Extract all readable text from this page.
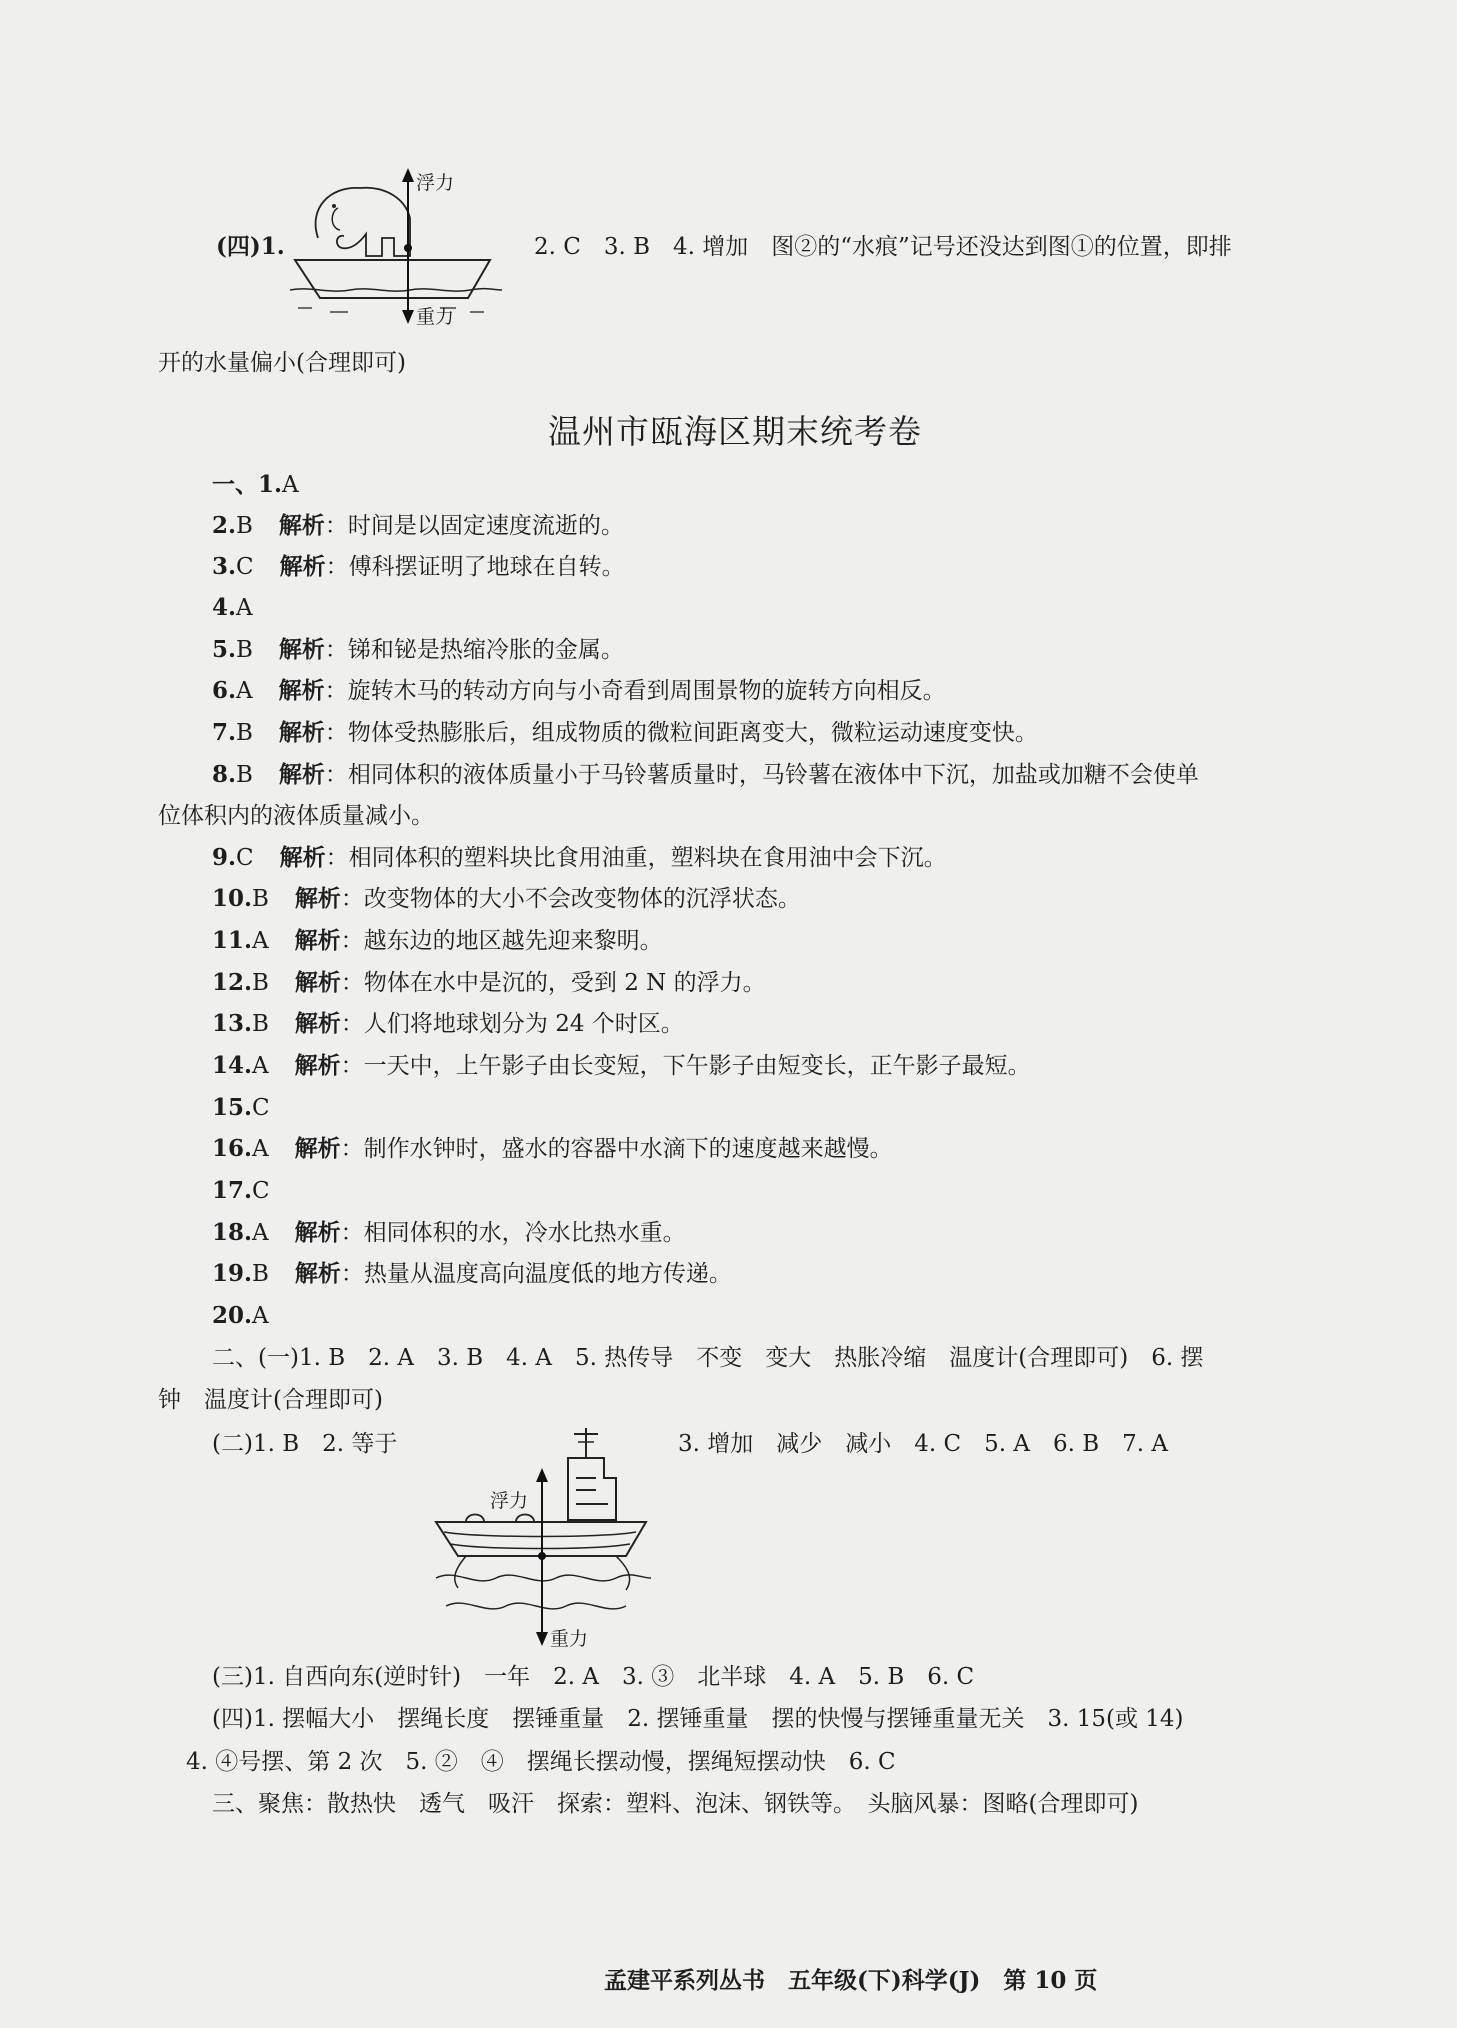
(四)1.
浮力
重力
2. C　3. B　4. 增加　图②的“水痕”记号还没达到图①的位置，即排
开的水量偏小(合理即可)
温州市瓯海区期末统考卷
一、1.A
2.B 解析：时间是以固定速度流逝的。
3.C 解析：傅科摆证明了地球在自转。
4.A
5.B 解析：锑和铋是热缩冷胀的金属。
6.A 解析：旋转木马的转动方向与小奇看到周围景物的旋转方向相反。
7.B 解析：物体受热膨胀后，组成物质的微粒间距离变大，微粒运动速度变快。
8.B 解析：相同体积的液体质量小于马铃薯质量时，马铃薯在液体中下沉，加盐或加糖不会使单
位体积内的液体质量减小。
9.C 解析：相同体积的塑料块比食用油重，塑料块在食用油中会下沉。
10.B 解析：改变物体的大小不会改变物体的沉浮状态。
11.A 解析：越东边的地区越先迎来黎明。
12.B 解析：物体在水中是沉的，受到 2 N 的浮力。
13.B 解析：人们将地球划分为 24 个时区。
14.A 解析：一天中，上午影子由长变短，下午影子由短变长，正午影子最短。
15.C
16.A 解析：制作水钟时，盛水的容器中水滴下的速度越来越慢。
17.C
18.A 解析：相同体积的水，冷水比热水重。
19.B 解析：热量从温度高向温度低的地方传递。
20.A
二、(一)1. B　2. A　3. B　4. A　5. 热传导　不变　变大　热胀冷缩　温度计(合理即可)　6. 摆
钟　温度计(合理即可)
(二)1. B　2. 等于	3. 增加　减少　减小　4. C　5. A　6. B　7. A
浮力
重力
(三)1. 自西向东(逆时针)　一年　2. A　3. ③　北半球　4. A　5. B　6. C
(四)1. 摆幅大小　摆绳长度　摆锤重量　2. 摆锤重量　摆的快慢与摆锤重量无关　3. 15(或 14)
4. ④号摆、第 2 次　5. ②　④　摆绳长摆动慢，摆绳短摆动快　6. C
三、聚焦：散热快　透气　吸汗　探索：塑料、泡沫、钢铁等。　头脑风暴：图略(合理即可)
孟建平系列丛书　五年级(下)科学(J)　第 10 页
